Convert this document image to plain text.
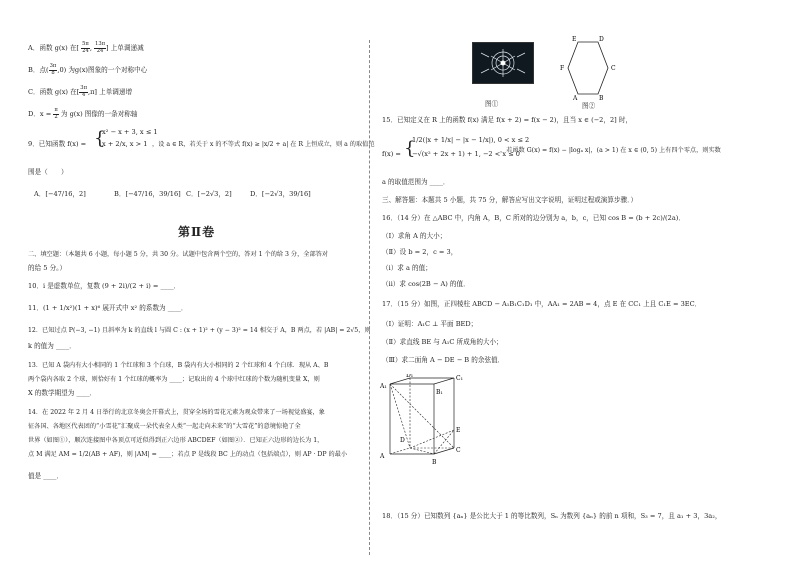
A．函数 g(x) 在[ $\frac{5\pi}{24}$ , $\frac{13\pi}{24}$ ] 上单调递减
B．点( $\frac{3\pi}{8} ,0$) 为g(x)图象的一个对称中心
C．函数 g(x) 在[ $\frac{3\pi}{4} ,\pi$] 上单调递增
D．$x = \frac{\pi}{2}$ 为 g(x) 图像的一条对称轴
9．已知函数 f(x) = {
x² − x + 3, x ≤ 1
x + 2/x, x > 1 ，设 a ∈ R，若关于 x 的不等式 f(x) ≥ |x/2 + a| 在 R 上恒成立，则 a 的取值范
围是（　　）
A．[−47/16，2]	B．[−47/16，39/16] C．[−2√3，2]	D．[−2√3，39/16]
第Ⅱ卷
二、填空题：（本题共 6 小题，每小题 5 分，共 30 分。试题中包含两个空的，答对 1 个的给 3 分，全部答对
的给 5 分。）
10．i 是虚数单位，复数 (9 + 2i)/(2 + i) = ____．
11．(1 + 1/x²)(1 + x)⁶ 展开式中 x² 的系数为 ____．
12．已知过点 P(−3, −1) 且斜率为 k 的直线 l 与圆 C : (x + 1)² + (y − 3)² = 14 相交于 A，B 两点，若 |AB| = 2√5，则
k 的值为 ____．
13．已知 A 袋内有大小相同的 1 个红球和 3 个白球，B 袋内有大小相同的 2 个红球和 4 个白球．现从 A、B
两个袋内各取 2 个球，则恰好有 1 个红球的概率为 ____；记取出的 4 个球中红球的个数为随机变量 X，则
X 的数学期望为 ____．
14．在 2022 年 2 月 4 日举行的北京冬奥会开幕式上，贯穿全场的雪花元素为观众带来了一场视觉盛宴，象
征各国、各地区代表团的“小雪花”汇聚成一朵代表全人类“一起走向未来”的“大雪花”的意境惊艳了全
世界（如图①），顺次连接图中各顶点可近似得到正六边形 ABCDEF（如图②）．已知正六边形的边长为 1，
点 M 满足 AM = 1/2(AB + AF)，则 |AM| = ____；若点 P 是线段 BC 上的动点（包括端点），则 AP · DP 的最小
值是 ____．
图①
A	B
C
D
E
F
图②
15．已知定义在 R 上的函数 f(x) 满足 f(x + 2) = f(x − 2)，且当 x ∈ (−2，2] 时，
f(x) = {
1/2(|x + 1/x| − |x − 1/x|), 0 < x ≤ 2
−√(x² + 2x + 1) + 1, −2 < x ≤ 0
，若函数 G(x) = f(x) − |logₐ x|，(a > 1) 在 x ∈ (0, 5) 上有四个零点，则实数
a 的取值范围为 ____．
三、解答题：本题共 5 小题，共 75 分，解答应写出文字说明，证明过程或演算步骤．）
16．（14 分）在 △ABC 中，内角 A，B，C 所对的边分别为 a，b，c，已知 cos B = (b + 2c)/(2a)．
（Ⅰ）求角 A 的大小；
（Ⅱ）设 b = 2，c = 3，
（ⅰ）求 a 的值；
（ⅱ）求 cos(2B − A) 的值．
17．（15 分）如图，正四棱柱 ABCD − A₁B₁C₁D₁ 中，AA₁ = 2AB = 4，点 E 在 CC₁ 上且 C₁E = 3EC．
（Ⅰ）证明：A₁C ⊥ 平面 BED；
（Ⅱ）求直线 BE 与 A₁C 所成角的大小；
（Ⅲ）求二面角 A − DE − B 的余弦值．
18．（15 分）已知数列 {aₙ} 是公比大于 1 的等比数列，Sₙ 为数列 {aₙ} 的前 n 项和，S₃ = 7，且 a₁ + 3，3a₂，
A₁
D₁	C₁
B₁
D
E
A
B
C
